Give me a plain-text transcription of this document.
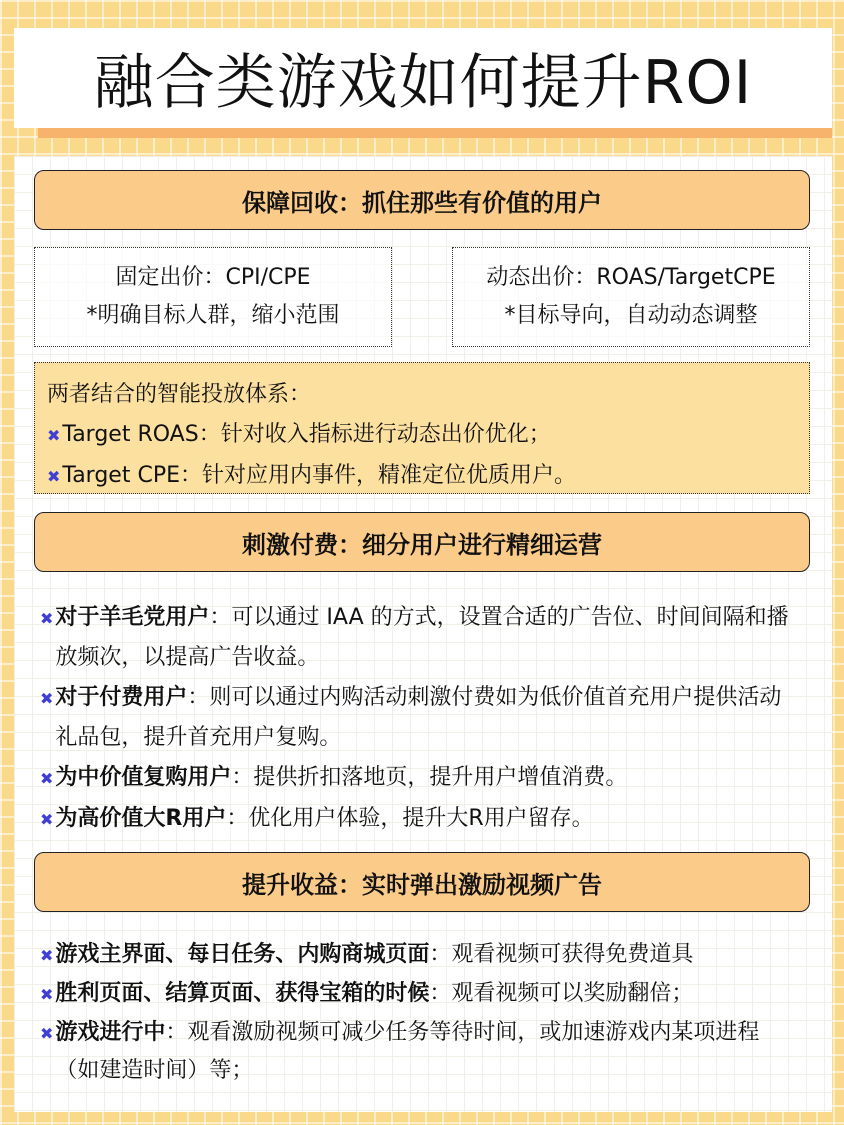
融合类游戏如何提升ROI
保障回收：抓住那些有价值的用户
固定出价：CPI/CPE
*明确目标人群，缩小范围
动态出价：ROAS/TargetCPE
*目标导向，自动动态调整
两者结合的智能投放体系：
✖ Target ROAS：针对收入指标进行动态出价优化；
✖ Target CPE：针对应用内事件，精准定位优质用户。
刺激付费：细分用户进行精细运营
✖ 对于羊毛党用户：可以通过 IAA 的方式，设置合适的广告位、时间间隔和播放频次，以提高广告收益。
✖ 对于付费用户：则可以通过内购活动刺激付费如为低价值首充用户提供活动礼品包，提升首充用户复购。
✖ 为中价值复购用户：提供折扣落地页，提升用户增值消费。
✖ 为高价值大R用户：优化用户体验，提升大R用户留存。
提升收益：实时弹出激励视频广告
✖ 游戏主界面、每日任务、内购商城页面：观看视频可获得免费道具
✖ 胜利页面、结算页面、获得宝箱的时候：观看视频可以奖励翻倍；
✖ 游戏进行中：观看激励视频可减少任务等待时间，或加速游戏内某项进程（如建造时间）等；
